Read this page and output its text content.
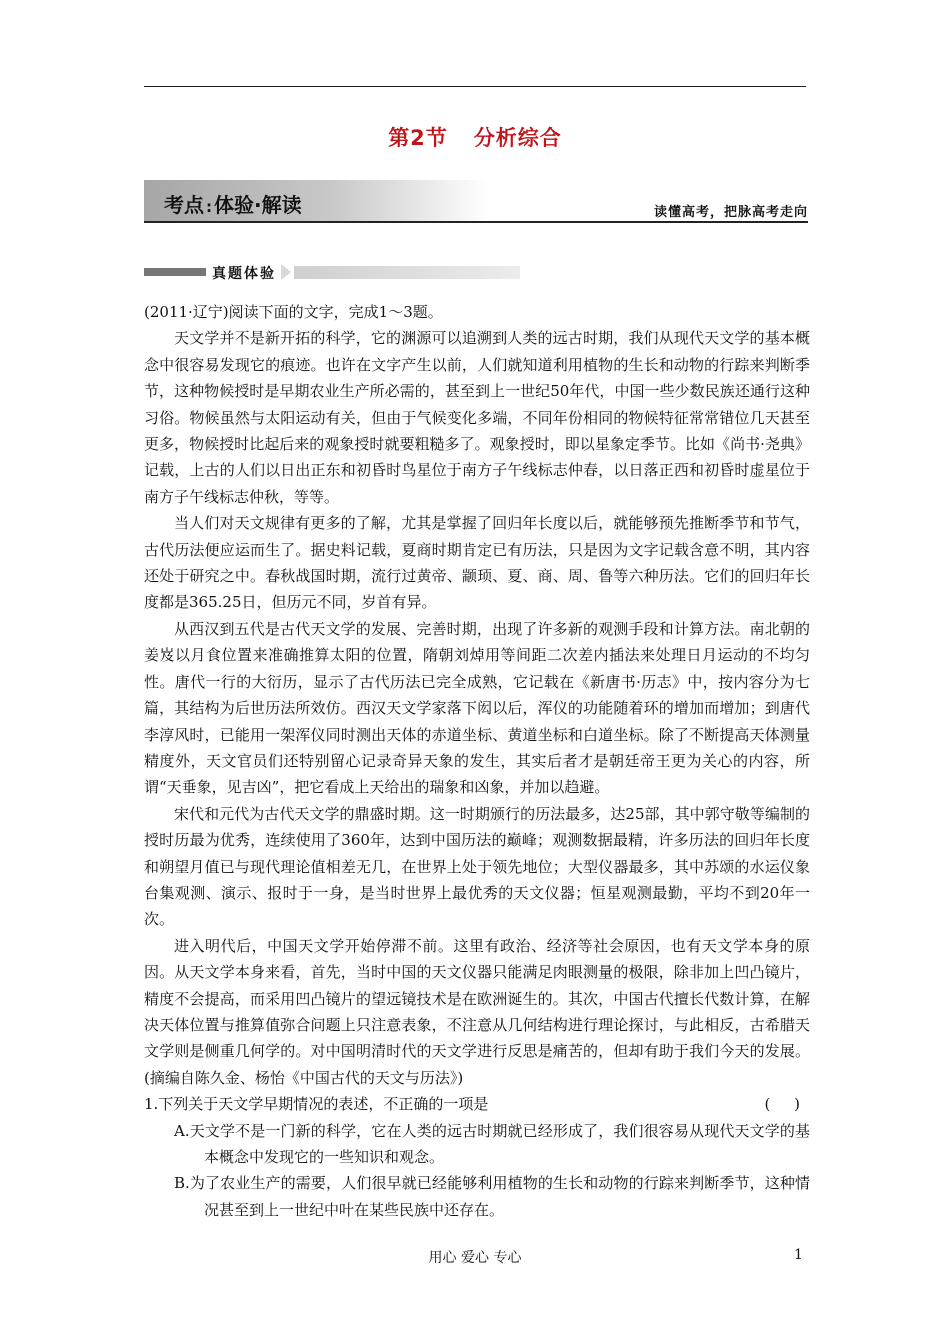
第2节 分析综合
考点 : 体验·解读	读懂高考，把脉高考走向
真题体验

(2011·辽宁)阅读下面的文字，完成1～3题。

天文学并不是新开拓的科学，它的渊源可以追溯到人类的远古时期，我们从现代天文学的基本概念中很容易发现它的痕迹。也许在文字产生以前，人们就知道利用植物的生长和动物的行踪来判断季节，这种物候授时是早期农业生产所必需的，甚至到上一世纪50年代，中国一些少数民族还通行这种习俗。物候虽然与太阳运动有关，但由于气候变化多端，不同年份相同的物候特征常常错位几天甚至更多，物候授时比起后来的观象授时就要粗糙多了。观象授时，即以星象定季节。比如《尚书·尧典》记载，上古的人们以日出正东和初昏时鸟星位于南方子午线标志仲春，以日落正西和初昏时虚星位于南方子午线标志仲秋，等等。

当人们对天文规律有更多的了解，尤其是掌握了回归年长度以后，就能够预先推断季节和节气，古代历法便应运而生了。据史料记载，夏商时期肯定已有历法，只是因为文字记载含意不明，其内容还处于研究之中。春秋战国时期，流行过黄帝、颛顼、夏、商、周、鲁等六种历法。它们的回归年长度都是365.25日，但历元不同，岁首有异。

从西汉到五代是古代天文学的发展、完善时期，出现了许多新的观测手段和计算方法。南北朝的姜岌以月食位置来准确推算太阳的位置，隋朝刘焯用等间距二次差内插法来处理日月运动的不均匀性。唐代一行的大衍历，显示了古代历法已完全成熟，它记载在《新唐书·历志》中，按内容分为七篇，其结构为后世历法所效仿。西汉天文学家落下闳以后，浑仪的功能随着环的增加而增加；到唐代李淳风时，已能用一架浑仪同时测出天体的赤道坐标、黄道坐标和白道坐标。除了不断提高天体测量精度外，天文官员们还特别留心记录奇异天象的发生，其实后者才是朝廷帝王更为关心的内容，所谓“天垂象，见吉凶”，把它看成上天给出的瑞象和凶象，并加以趋避。

宋代和元代为古代天文学的鼎盛时期。这一时期颁行的历法最多，达25部，其中郭守敬等编制的授时历最为优秀，连续使用了360年，达到中国历法的巅峰；观测数据最精，许多历法的回归年长度和朔望月值已与现代理论值相差无几，在世界上处于领先地位；大型仪器最多，其中苏颂的水运仪象台集观测、演示、报时于一身，是当时世界上最优秀的天文仪器；恒星观测最勤，平均不到20年一次。

进入明代后，中国天文学开始停滞不前。这里有政治、经济等社会原因，也有天文学本身的原因。从天文学本身来看，首先，当时中国的天文仪器只能满足肉眼测量的极限，除非加上凹凸镜片，精度不会提高，而采用凹凸镜片的望远镜技术是在欧洲诞生的。其次，中国古代擅长代数计算，在解决天体位置与推算值弥合问题上只注意表象，不注意从几何结构进行理论探讨，与此相反，古希腊天文学则是侧重几何学的。对中国明清时代的天文学进行反思是痛苦的，但却有助于我们今天的发展。 (摘编自陈久金、杨怡《中国古代的天文与历法》)

1.下列关于天文学早期情况的表述，不正确的一项是	(     )

A.天文学不是一门新的科学，它在人类的远古时期就已经形成了，我们很容易从现代天文学的基本概念中发现它的一些知识和观念。

B.为了农业生产的需要，人们很早就已经能够利用植物的生长和动物的行踪来判断季节，这种情况甚至到上一世纪中叶在某些民族中还存在。

用心 爱心 专心	1
